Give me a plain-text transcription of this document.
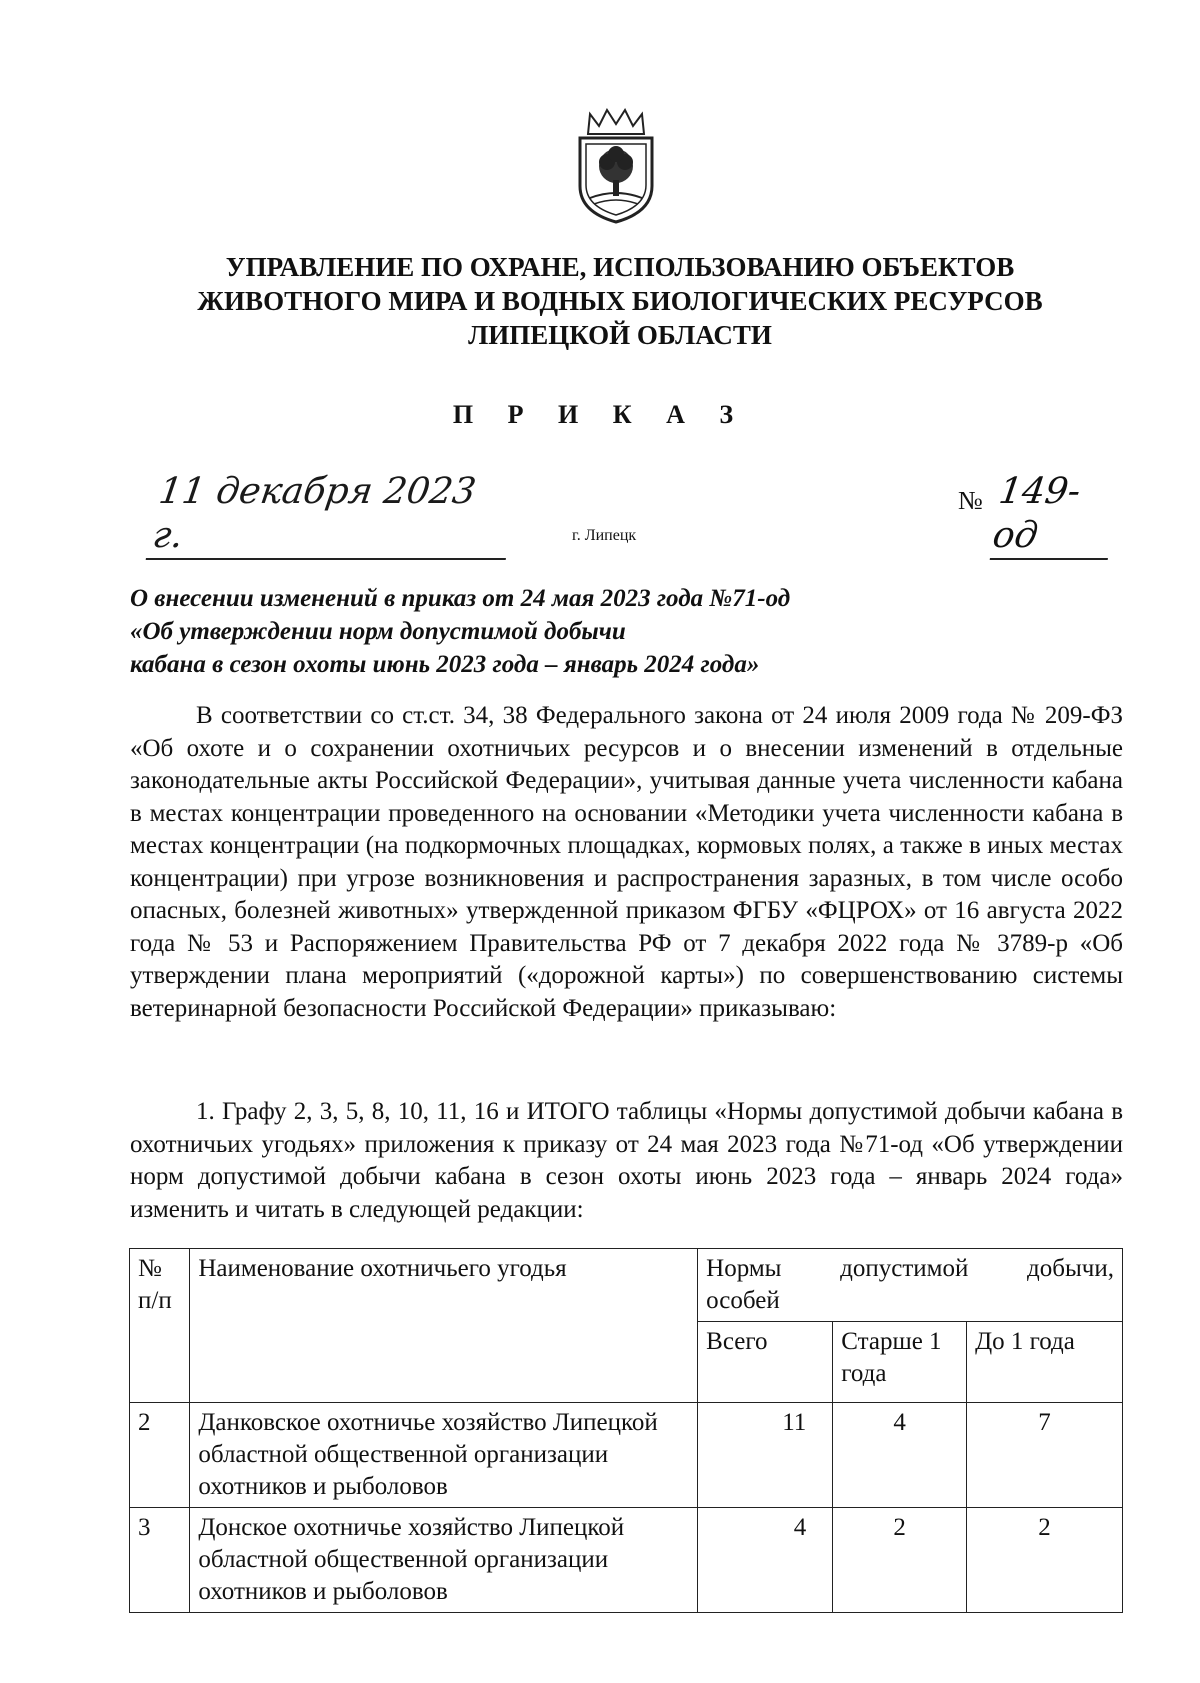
УПРАВЛЕНИЕ ПО ОХРАНЕ, ИСПОЛЬЗОВАНИЮ ОБЪЕКТОВ
ЖИВОТНОГО МИРА И ВОДНЫХ БИОЛОГИЧЕСКИХ РЕСУРСОВ
ЛИПЕЦКОЙ ОБЛАСТИ
П Р И К А З
11 декабря 2023 г.	г. Липецк
№ 149-од
О внесении изменений в приказ от 24 мая 2023 года №71-од
«Об утверждении норм допустимой добычи
кабана в сезон охоты июнь 2023 года – январь 2024 года»
В соответствии со ст.ст. 34, 38 Федерального закона от 24 июля 2009 года № 209-ФЗ «Об охоте и о сохранении охотничьих ресурсов и о внесении изменений в отдельные законодательные акты Российской Федерации», учитывая данные учета численности кабана в местах концентрации проведенного на основании «Методики учета численности кабана в местах концентрации (на подкормочных площадках, кормовых полях, а также в иных местах концентрации) при угрозе возникновения и распространения заразных, в том числе особо опасных, болезней животных» утвержденной приказом ФГБУ «ФЦРОХ» от 16 августа 2022 года № 53 и Распоряжением Правительства РФ от 7 декабря 2022 года № 3789-р «Об утверждении плана мероприятий («дорожной карты») по совершенствованию системы ветеринарной безопасности Российской Федерации» приказываю:
1. Графу 2, 3, 5, 8, 10, 11, 16 и ИТОГО таблицы «Нормы допустимой добычи кабана в охотничьих угодьях» приложения к приказу от 24 мая 2023 года №71-од «Об утверждении норм допустимой добычи кабана в сезон охоты июнь 2023 года – январь 2024 года» изменить и читать в следующей редакции:
№ п/п	Наименование охотничьего угодья	Нормы допустимой добычи,
особей		

		Всего	Старше 1 года	До 1 года
2	Данковское охотничье хозяйство Липецкой областной общественной организации охотников и рыболовов	11	4	7
3	Донское охотничье хозяйство Липецкой областной общественной организации охотников и рыболовов	4	2	2
